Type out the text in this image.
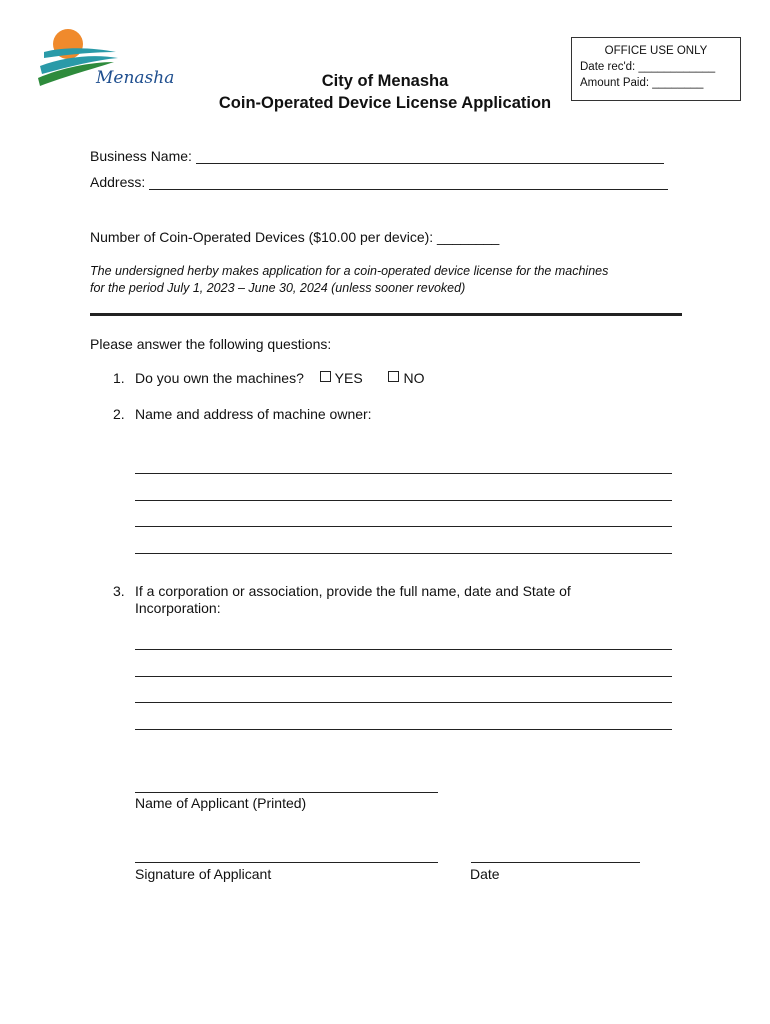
Menasha	City of Menasha
Coin-Operated Device License Application
OFFICE USE ONLY
Date rec'd: ____________
Amount Paid: ________
Business Name:
Address:
Number of Coin-Operated Devices ($10.00 per device): ________
The undersigned herby makes application for a coin-operated device license for the machines
for the period July 1, 2023 – June 30, 2024 (unless sooner revoked)
Please answer the following questions:
1. Do you own the machines? YES	NO
2. Name and address of machine owner:
3. If a corporation or association, provide the full name, date and State of
Incorporation:
Name of Applicant (Printed)
Signature of Applicant	Date
